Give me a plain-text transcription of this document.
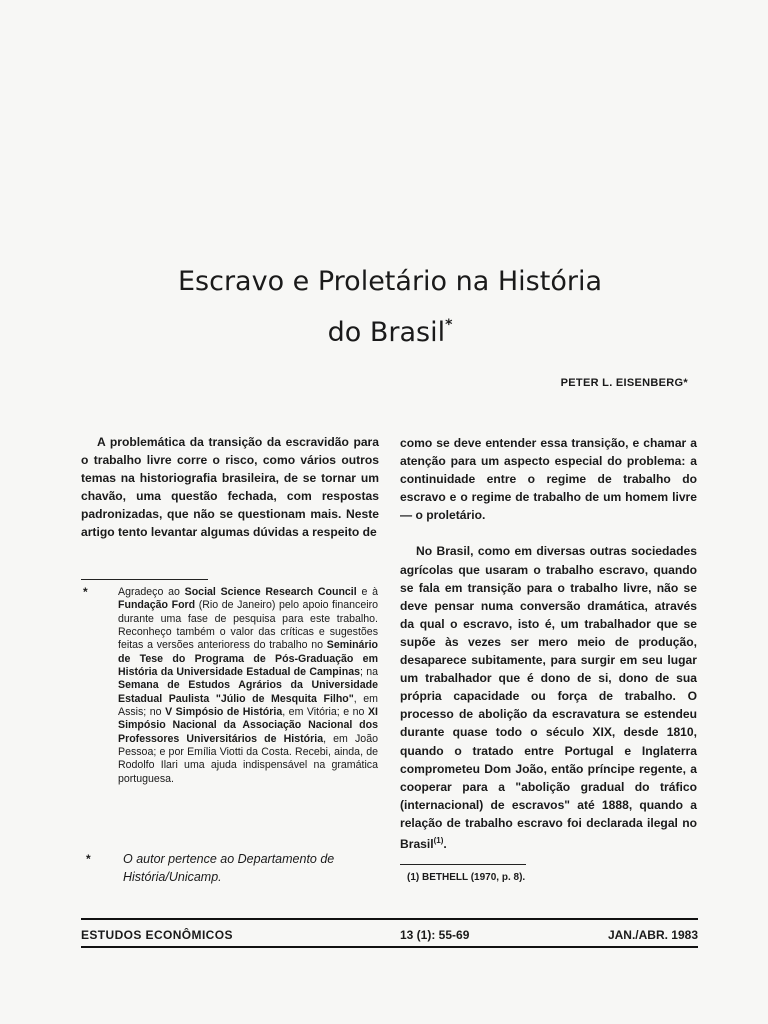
Escravo e Proletário na História
do Brasil*
PETER L. EISENBERG*

A problemática da transição da escravidão para o trabalho livre corre o risco, como vários outros temas na historiografia brasileira, de se tornar um chavão, uma questão fechada, com respostas padronizadas, que não se questionam mais. Neste artigo tento levantar algumas dúvidas a respeito de

como se deve entender essa transição, e chamar a atenção para um aspecto especial do problema: a continuidade entre o regime de trabalho do escravo e o regime de trabalho de um homem livre — o proletário.

No Brasil, como em diversas outras sociedades agrícolas que usaram o trabalho escravo, quando se fala em transição para o trabalho livre, não se deve pensar numa conversão dramática, através da qual o escravo, isto é, um trabalhador que se supõe às vezes ser mero meio de produção, desaparece subitamente, para surgir em seu lugar um trabalhador que é dono de si, dono de sua própria capacidade ou força de trabalho. O processo de abolição da escravatura se estendeu durante quase todo o século XIX, desde 1810, quando o tratado entre Portugal e Inglaterra comprometeu Dom João, então príncipe regente, a cooperar para a "abolição gradual do tráfico (internacional) de escravos" até 1888, quando a relação de trabalho escravo foi declarada ilegal no Brasil$^{(1)}$.

*	Agradeço ao Social Science Research Council e à Fundação Ford (Rio de Janeiro) pelo apoio financeiro durante uma fase de pesquisa para este trabalho. Reconheço também o valor das críticas e sugestões feitas a versões anterioress do trabalho no Seminário de Tese do Programa de Pós-Graduação em História da Universidade Estadual de Campinas; na Semana de Estudos Agrários da Universidade Estadual Paulista "Júlio de Mesquita Filho", em Assis; no V Simpósio de História, em Vitória; e no XI Simpósio Nacional da Associação Nacional dos Professores Universitários de História, em João Pessoa; e por Emília Viotti da Costa. Recebi, ainda, de Rodolfo Ilari uma ajuda indispensável na gramática portuguesa.
*	O autor pertence ao Departamento de História/Unicamp.	(1) BETHELL (1970, p. 8).
ESTUDOS ECONÔMICOS	13 (1): 55-69	JAN./ABR. 1983
